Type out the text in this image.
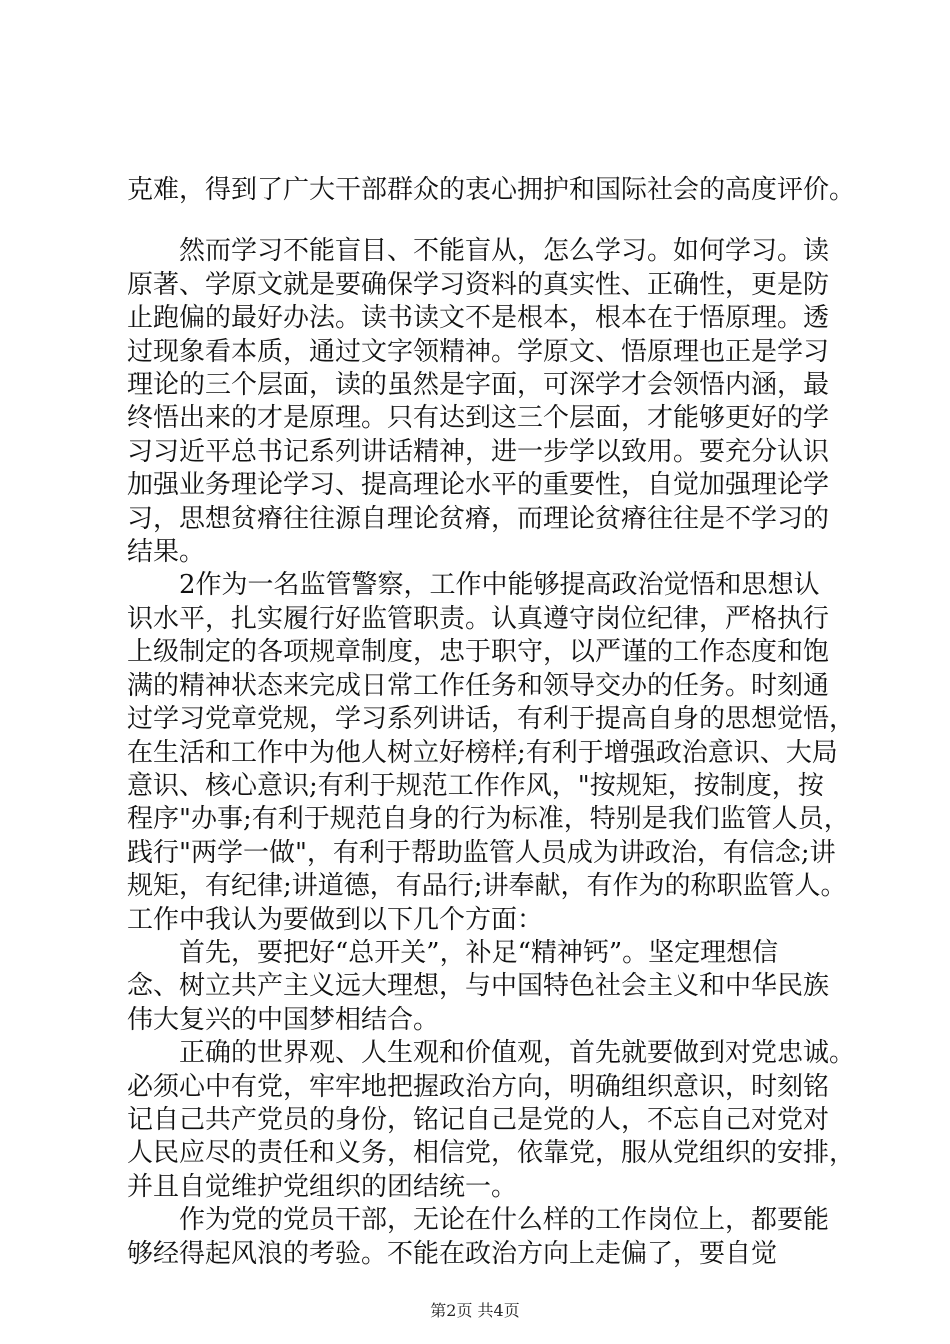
克难，得到了广大干部群众的衷心拥护和国际社会的高度评价。

　　然而学习不能盲目、不能盲从，怎么学习。如何学习。读

原著、学原文就是要确保学习资料的真实性、正确性，更是防

止跑偏的最好办法。读书读文不是根本，根本在于悟原理。透

过现象看本质，通过文字领精神。学原文、悟原理也正是学习

理论的三个层面，读的虽然是字面，可深学才会领悟内涵，最

终悟出来的才是原理。只有达到这三个层面，才能够更好的学

习习近平总书记系列讲话精神，进一步学以致用。要充分认识

加强业务理论学习、提高理论水平的重要性，自觉加强理论学

习，思想贫瘠往往源自理论贫瘠，而理论贫瘠往往是不学习的

结果。

　　2作为一名监管警察，工作中能够提高政治觉悟和思想认

识水平，扎实履行好监管职责。认真遵守岗位纪律，严格执行

上级制定的各项规章制度，忠于职守，以严谨的工作态度和饱

满的精神状态来完成日常工作任务和领导交办的任务。时刻通

过学习党章党规，学习系列讲话，有利于提高自身的思想觉悟，

在生活和工作中为他人树立好榜样;有利于增强政治意识、大局

意识、核心意识;有利于规范工作作风，"按规矩，按制度，按

程序"办事;有利于规范自身的行为标准，特别是我们监管人员，

践行"两学一做"，有利于帮助监管人员成为讲政治，有信念;讲

规矩，有纪律;讲道德，有品行;讲奉献，有作为的称职监管人。

工作中我认为要做到以下几个方面：

　　首先，要把好“总开关”，补足“精神钙”。坚定理想信

念、树立共产主义远大理想，与中国特色社会主义和中华民族

伟大复兴的中国梦相结合。

　　正确的世界观、人生观和价值观，首先就要做到对党忠诚。

必须心中有党，牢牢地把握政治方向，明确组织意识，时刻铭

记自己共产党员的身份，铭记自己是党的人，不忘自己对党对

人民应尽的责任和义务，相信党，依靠党，服从党组织的安排，

并且自觉维护党组织的团结统一。

　　作为党的党员干部，无论在什么样的工作岗位上，都要能

够经得起风浪的考验。不能在政治方向上走偏了，要自觉

第2页 共4页
